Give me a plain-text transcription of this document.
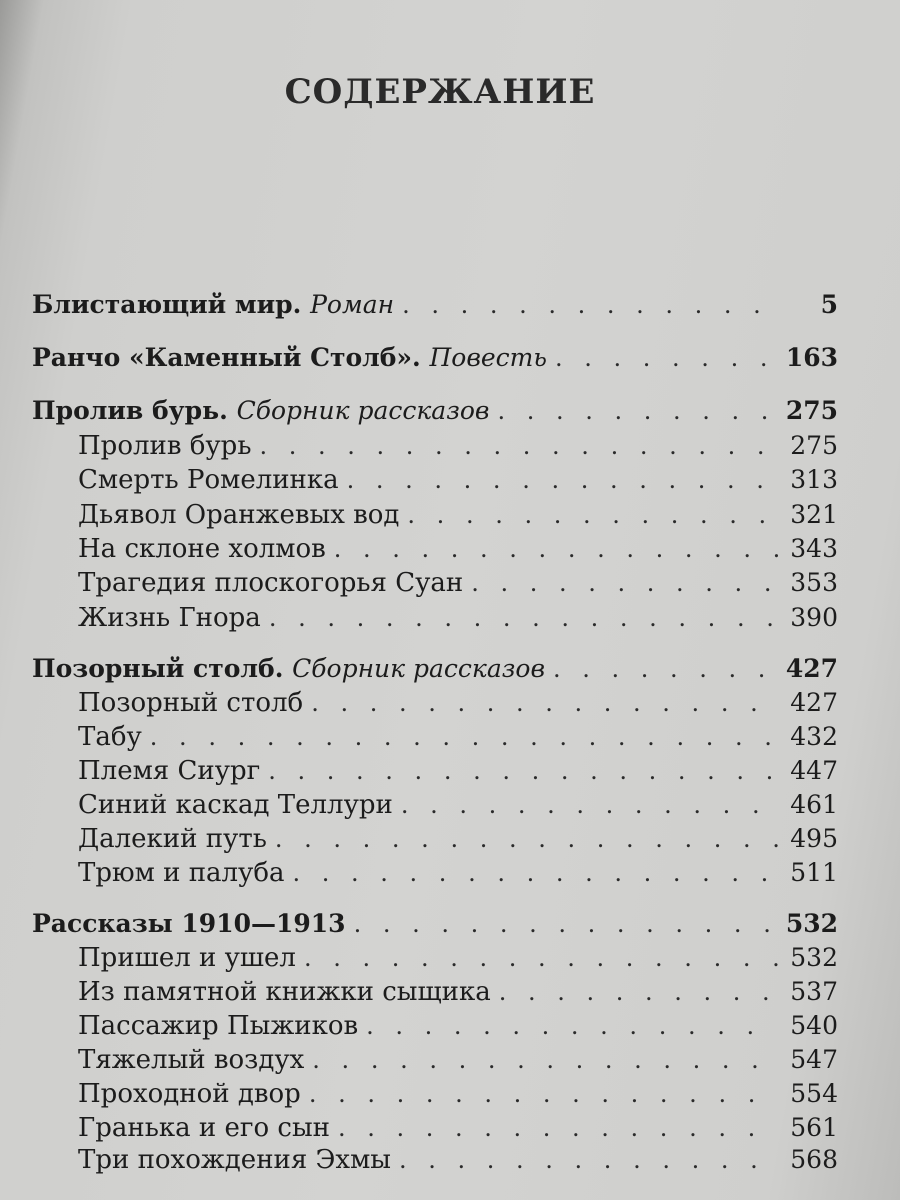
СОДЕРЖАНИЕ
Блистающий мир. Роман . . .	5
Ранчо «Каменный Столб». Повесть . . .	163
Пролив бурь. Сборник рассказов . . .	275
Пролив бурь . . .	275
Смерть Ромелинка . . .	313
Дьявол Оранжевых вод . . .	321
На склоне холмов . . .	343
Трагедия плоскогорья Суан . . .	353
Жизнь Гнора . . .	390
Позорный столб. Сборник рассказов . . .	427
Позорный столб . . .	427
Табу . . .	432
Племя Сиург . . .	447
Синий каскад Теллури . . .	461
Далекий путь . . .	495
Трюм и палуба . . .	511
Рассказы 1910—1913 . . .	532
Пришел и ушел . . .	532
Из памятной книжки сыщика . . .	537
Пассажир Пыжиков . . .	540
Тяжелый воздух . . .	547
Проходной двор . . .	554
Гранька и его сын . . .	561
Три похождения Эхмы . . .	568
